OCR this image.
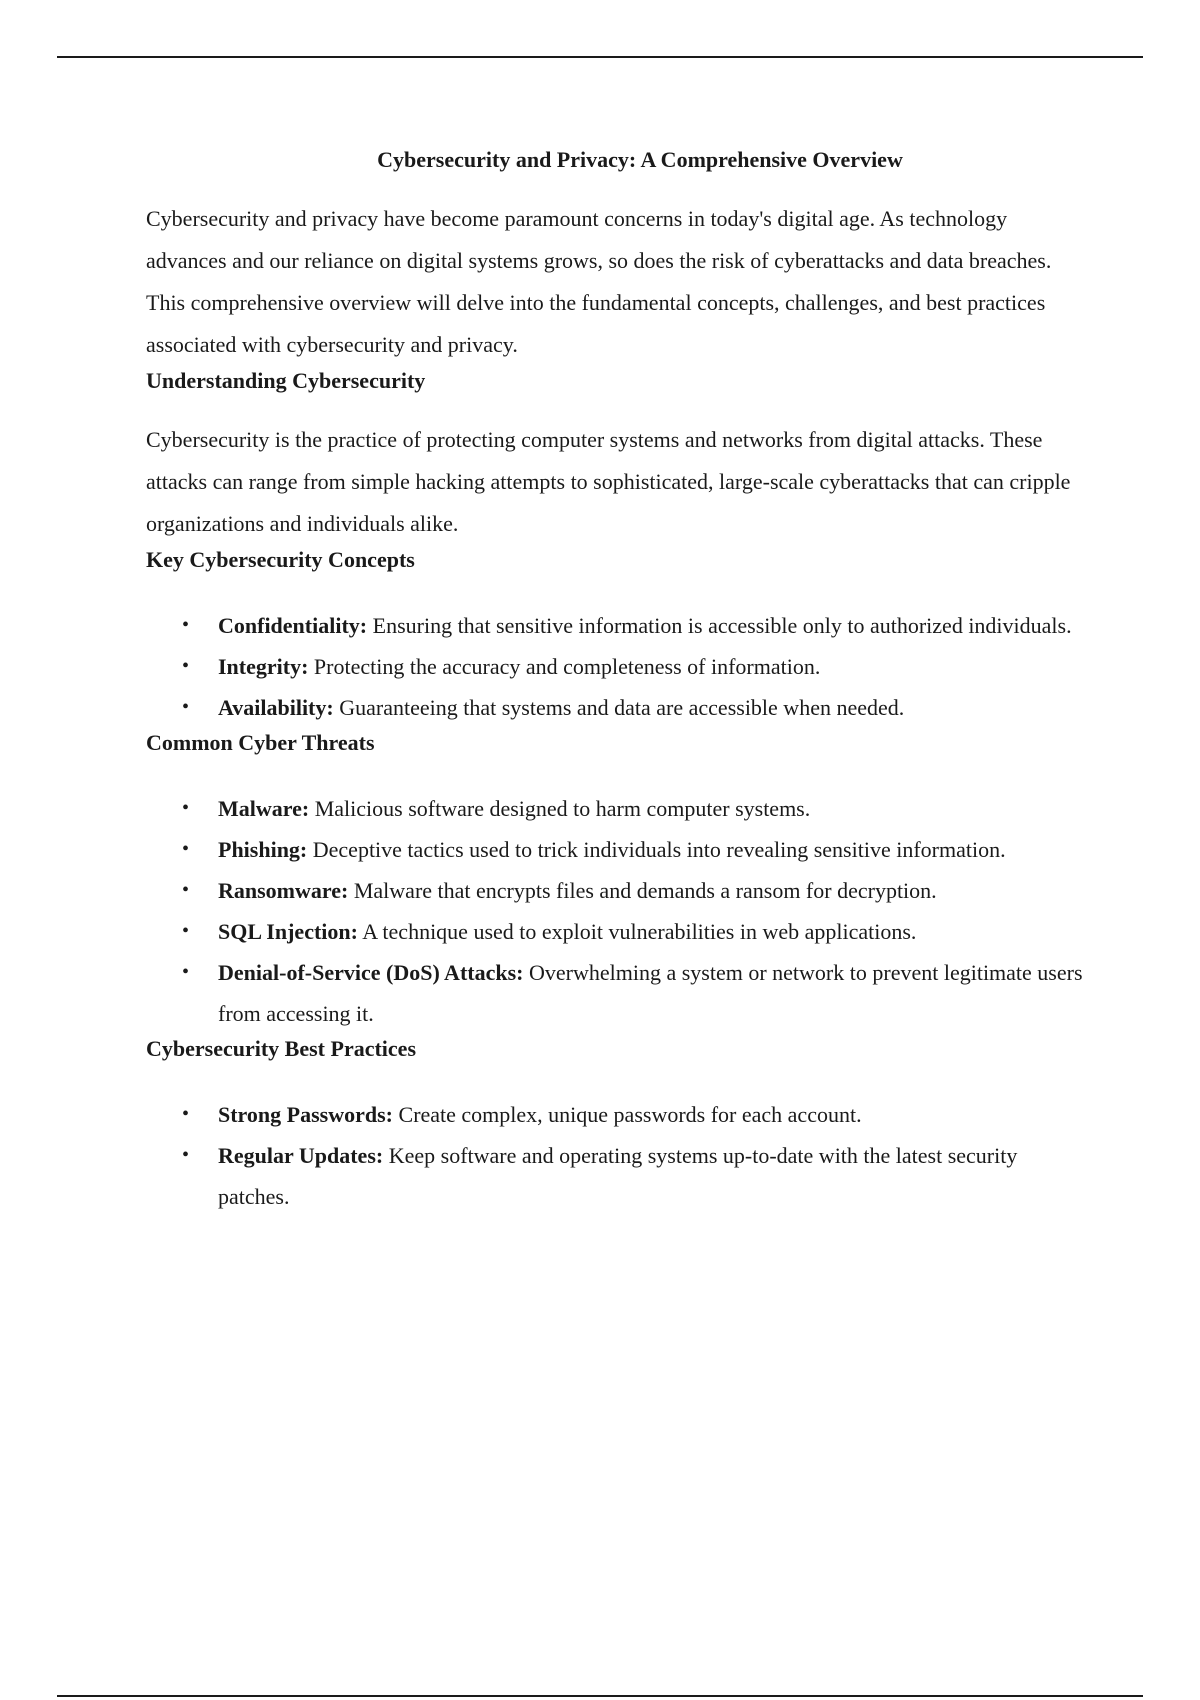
Cybersecurity and Privacy: A Comprehensive Overview

Cybersecurity and privacy have become paramount concerns in today's digital age. As technology advances and our reliance on digital systems grows, so does the risk of cyberattacks and data breaches. This comprehensive overview will delve into the fundamental concepts, challenges, and best practices associated with cybersecurity and privacy.

Understanding Cybersecurity

Cybersecurity is the practice of protecting computer systems and networks from digital attacks. These attacks can range from simple hacking attempts to sophisticated, large-scale cyberattacks that can cripple organizations and individuals alike.

Key Cybersecurity Concepts
• Confidentiality: Ensuring that sensitive information is accessible only to authorized individuals.
• Integrity: Protecting the accuracy and completeness of information.
• Availability: Guaranteeing that systems and data are accessible when needed.
Common Cyber Threats
• Malware: Malicious software designed to harm computer systems.
• Phishing: Deceptive tactics used to trick individuals into revealing sensitive information.
• Ransomware: Malware that encrypts files and demands a ransom for decryption.
• SQL Injection: A technique used to exploit vulnerabilities in web applications.
• Denial-of-Service (DoS) Attacks: Overwhelming a system or network to prevent legitimate users from accessing it.
Cybersecurity Best Practices
• Strong Passwords: Create complex, unique passwords for each account.
• Regular Updates: Keep software and operating systems up-to-date with the latest security patches.
